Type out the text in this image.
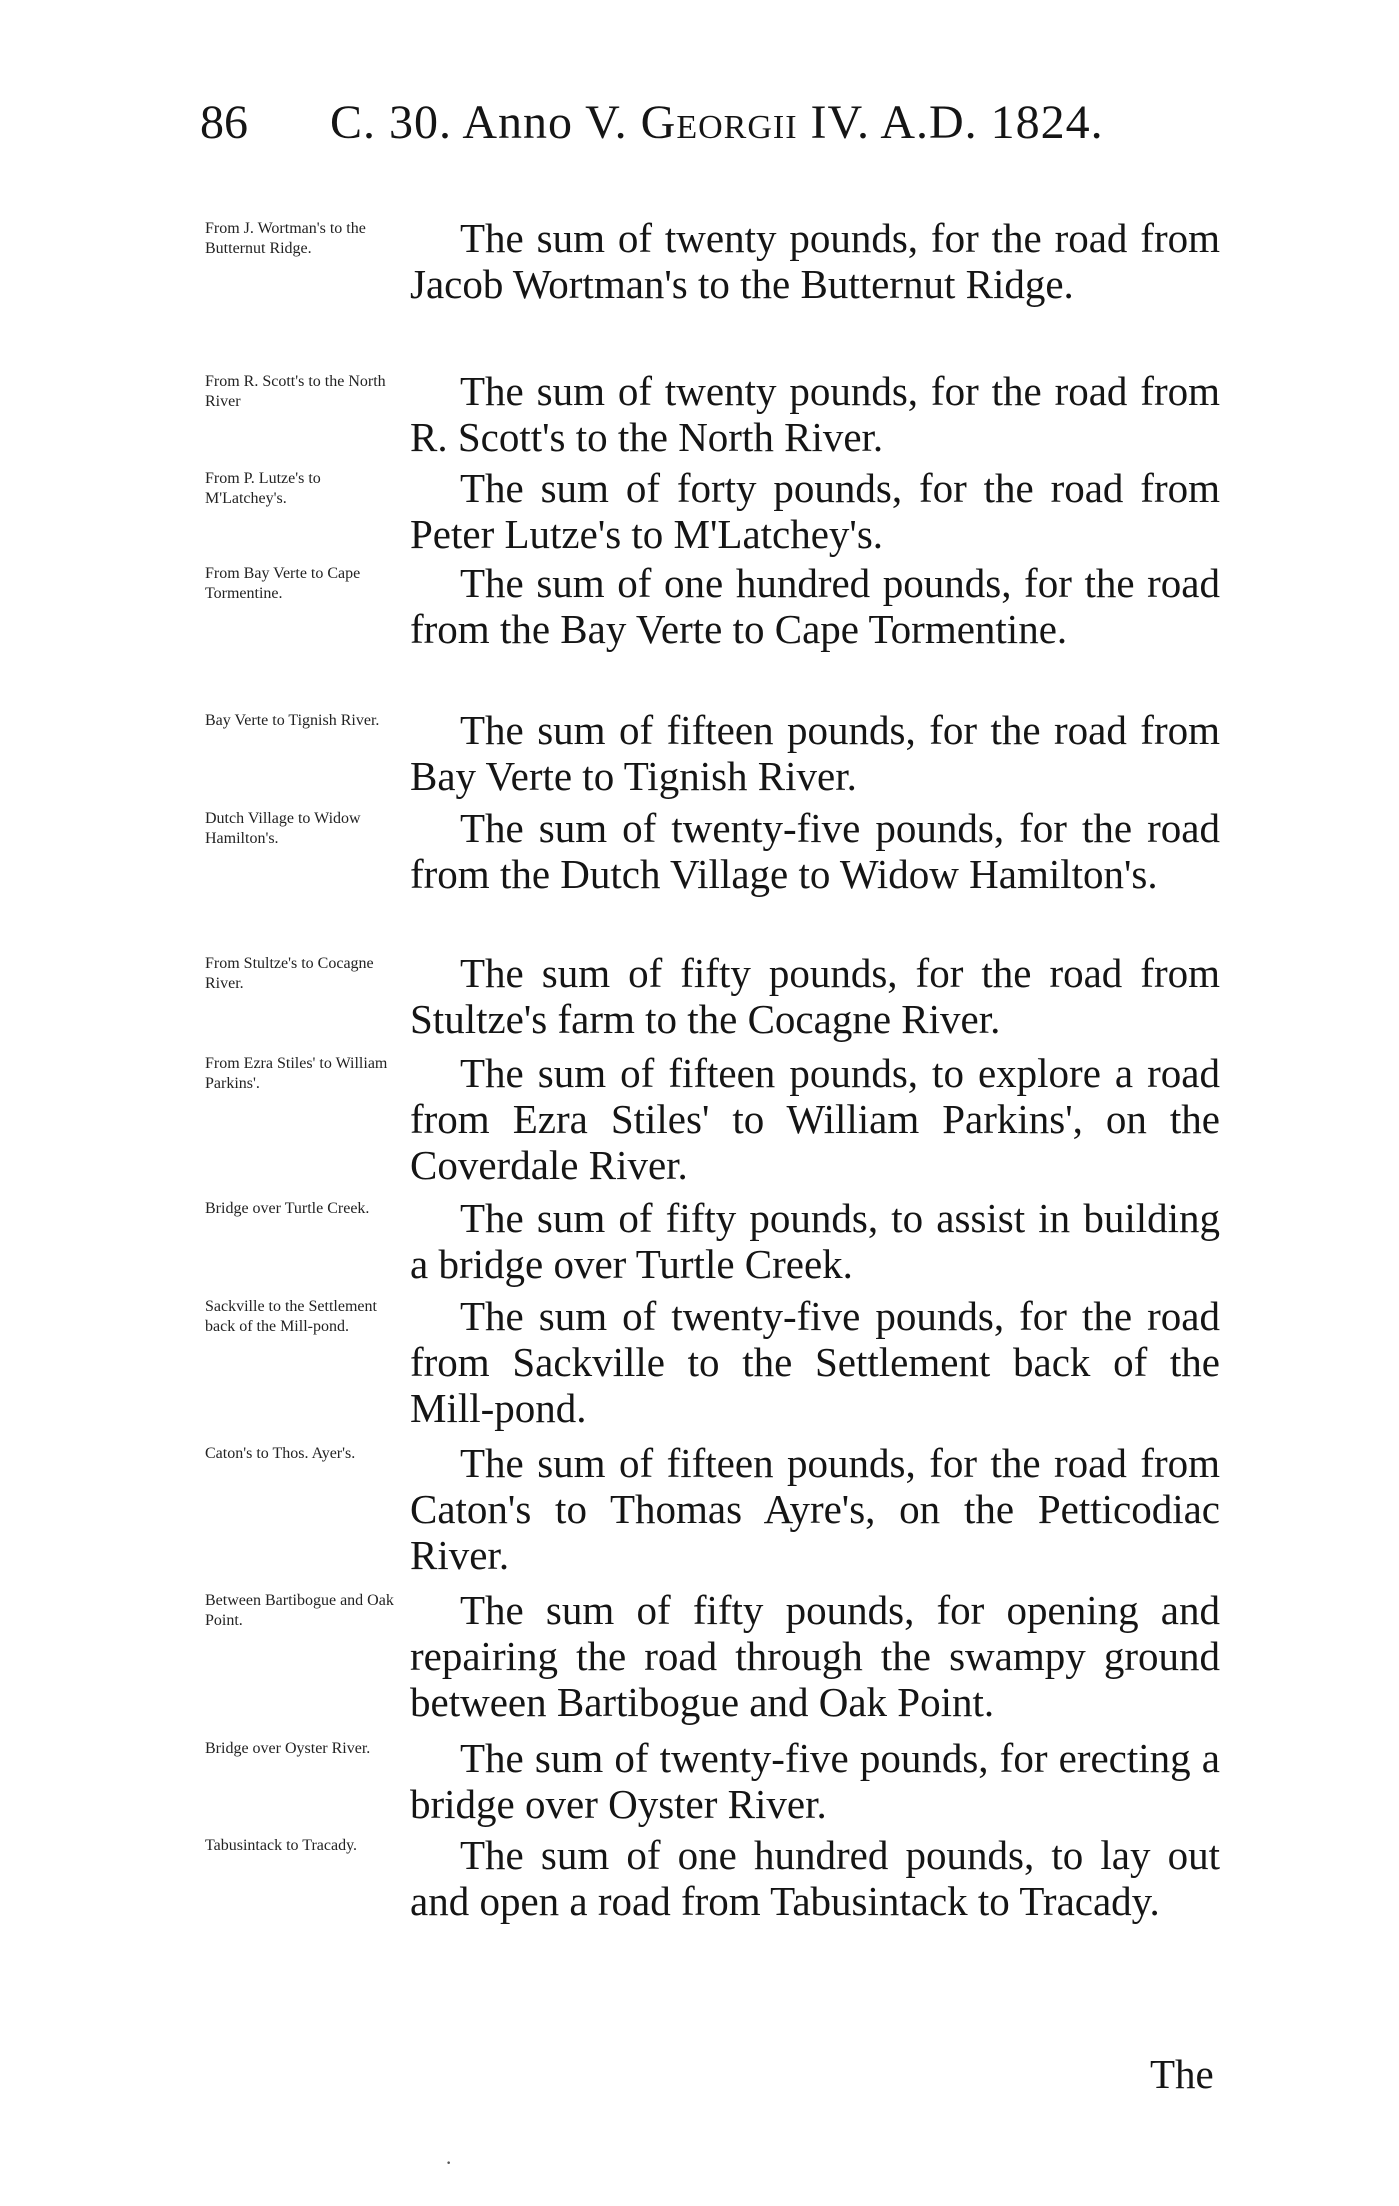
86	C. 30. Anno V. Georgii IV. A.D. 1824.
From J. Wortman's to the Butternut Ridge.	The sum of twenty pounds, for the road from Jacob Wortman's to the Butternut Ridge.
From R. Scott's to the North River	The sum of twenty pounds, for the road from R. Scott's to the North River.
From P. Lutze's to M'Latchey's.	The sum of forty pounds, for the road from Peter Lutze's to M'Latchey's.
From Bay Verte to Cape Tormentine.	The sum of one hundred pounds, for the road from the Bay Verte to Cape Tormentine.
Bay Verte to Tignish River.	The sum of fifteen pounds, for the road from Bay Verte to Tignish River.
Dutch Village to Widow Hamilton's.	The sum of twenty-five pounds, for the road from the Dutch Village to Widow Hamilton's.
From Stultze's to Cocagne River.	The sum of fifty pounds, for the road from Stultze's farm to the Cocagne River.
From Ezra Stiles' to William Parkins'.	The sum of fifteen pounds, to explore a road from Ezra Stiles' to William Parkins', on the Coverdale River.
Bridge over Turtle Creek.	The sum of fifty pounds, to assist in building a bridge over Turtle Creek.
Sackville to the Settlement back of the Mill-pond.	The sum of twenty-five pounds, for the road from Sackville to the Settlement back of the Mill-pond.
Caton's to Thos. Ayer's.	The sum of fifteen pounds, for the road from Caton's to Thomas Ayre's, on the Petticodiac River.
Between Bartibogue and Oak Point.	The sum of fifty pounds, for opening and repairing the road through the swampy ground between Bartibogue and Oak Point.
Bridge over Oyster River.	The sum of twenty-five pounds, for erecting a bridge over Oyster River.
Tabusintack to Tracady.	The sum of one hundred pounds, to lay out and open a road from Tabusintack to Tracady.
The
·
